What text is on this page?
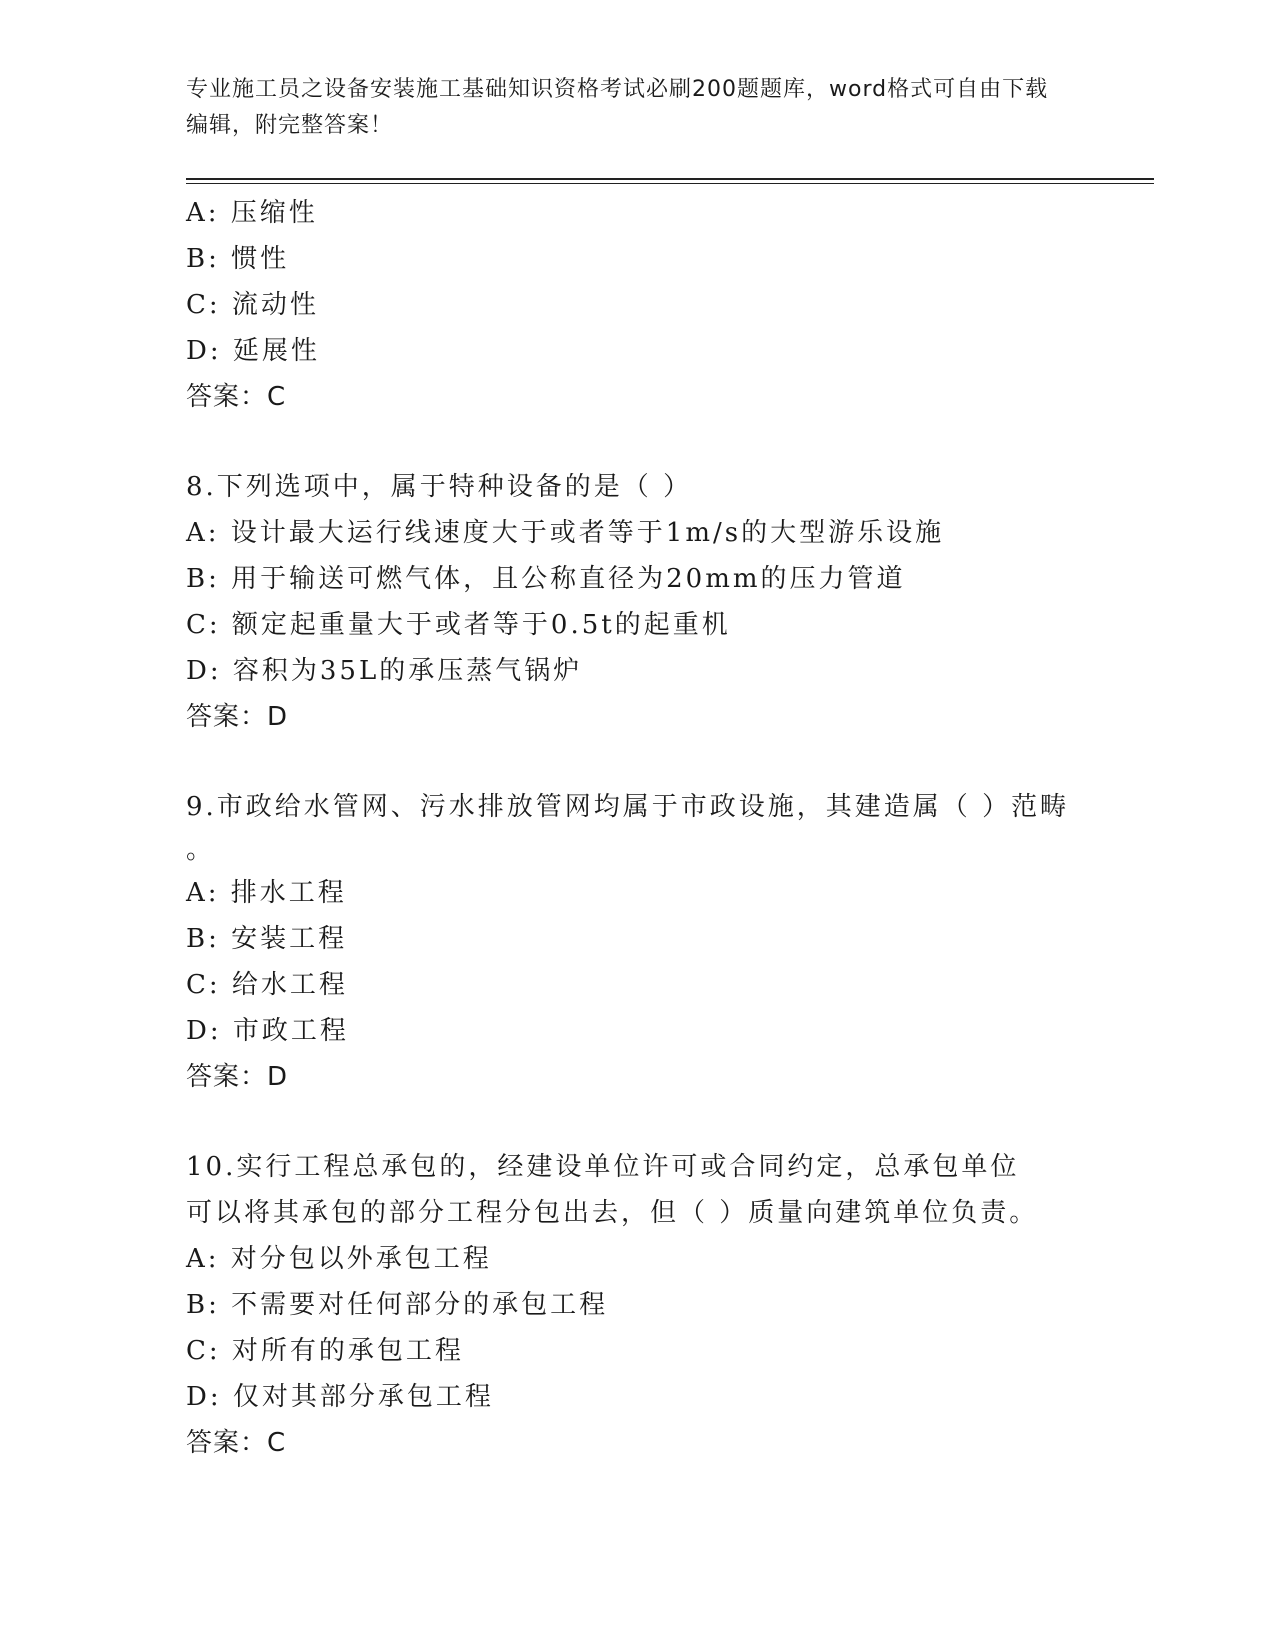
专业施工员之设备安装施工基础知识资格考试必刷200题题库，word格式可自由下载编辑，附完整答案！
A: 压缩性
B: 惯性
C: 流动性
D: 延展性
答案：C
8.下列选项中，属于特种设备的是（ ）
A: 设计最大运行线速度大于或者等于1m/s的大型游乐设施
B: 用于输送可燃气体，且公称直径为20mm的压力管道
C: 额定起重量大于或者等于0.5t的起重机
D: 容积为35L的承压蒸气锅炉
答案：D
9.市政给水管网、污水排放管网均属于市政设施，其建造属（ ）范畴
。
A: 排水工程
B: 安装工程
C: 给水工程
D: 市政工程
答案：D
10.实行工程总承包的，经建设单位许可或合同约定，总承包单位可以将其承包的部分工程分包出去，但（ ）质量向建筑单位负责。
A: 对分包以外承包工程
B: 不需要对任何部分的承包工程
C: 对所有的承包工程
D: 仅对其部分承包工程
答案：C
